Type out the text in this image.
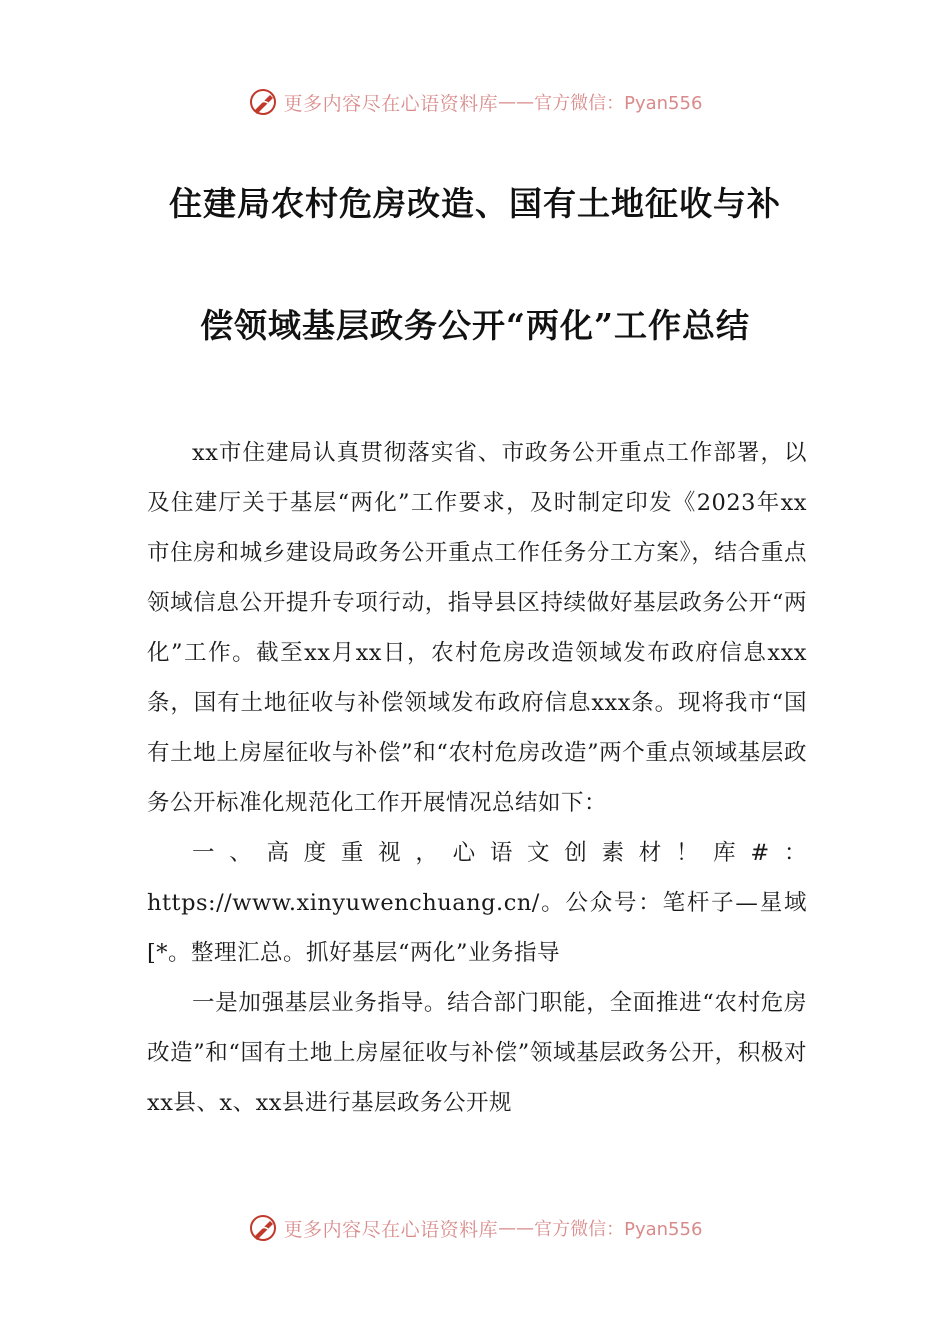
更多内容尽在心语资料库 —— 官方微信：Pyan556
住建局农村危房改造、国有土地征收与补
偿领域基层政务公开“两化”工作总结

xx市住建局认真贯彻落实省、市政务公开重点工作部署，以及住建厅关于基层“两化”工作要求，及时制定印发《2023年xx市住房和城乡建设局政务公开重点工作任务分工方案》，结合重点领域信息公开提升专项行动，指导县区持续做好基层政务公开“两化”工作。截至xx月xx日，农村危房改造领域发布政府信息xxx条，国有土地征收与补偿领域发布政府信息xxx条。现将我市“国有土地上房屋征收与补偿”和“农村危房改造”两个重点领域基层政务公开标准化规范化工作开展情况总结如下：

一、高度重视，心语文创素材！库#：https://www.xinyuwenchuang.cn/。公众号：笔杆子—星域[*。整理汇总。抓好基层“两化”业务指导

一是加强基层业务指导。结合部门职能，全面推进“农村危房改造”和“国有土地上房屋征收与补偿”领域基层政务公开，积极对xx县、x、xx县进行基层政务公开规

更多内容尽在心语资料库 —— 官方微信：Pyan556
